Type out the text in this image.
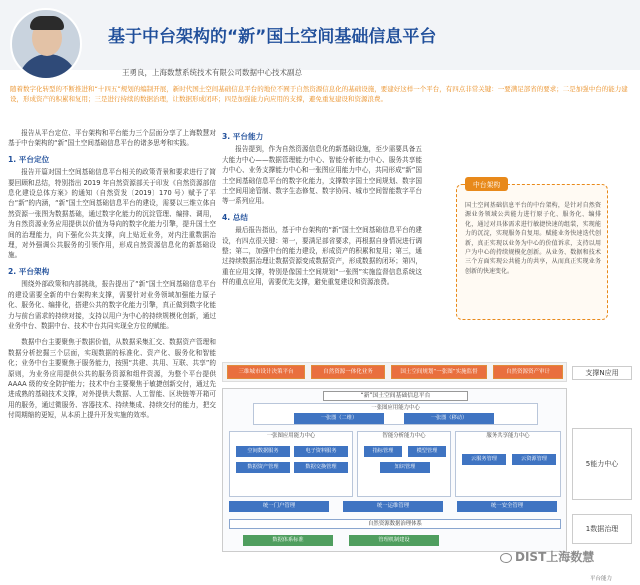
基于中台架构的“新”国土空间基础信息平台
王勇良，上海数慧系统技术有限公司数据中心技术副总
随着数字化转型的不断推进和“十四五”规划的编制开展，新时代国土空间基础信息平台的地位不囿于自然资源信息化的基础设施，要建好这样一个平台，有四点非常关键：一要满足部省的要求；二是加强中台的能力建设，形成资产的积累和复用；三是进行持续的数据治理，让数据形成闭环；四是加强能力向应用的支撑，避免重复建设和资源浪费。

报告从平台定位、平台架构和平台能力三个层面分享了上海数慧对基于中台架构的“新”国土空间基础信息平台的诸多思考和实践。

1. 平台定位

报告开篇对国土空间基础信息平台相关的政策背景和要求进行了简要回顾和总结，特别指出 2019 年自然资源部关于印发《自然资源部信息化建设总体方案》的通知（自然资发〔2019〕170 号）赋予了平台“新”的内涵，“新”国土空间基础信息平台的建设，需要以三维立体自然资源一张图为数据基础，通过数字化能力的沉淀管理、编排、调用，为自然资源业务应用提供以价值为导向的数字化能力引擎，提升国土空间的治理能力，向下强化公共支撑，向上贴近业务，对内注重数据治理，对外强调公共服务的引领作用，形成自然资源信息化的新基础设施。

2. 平台架构

围绕外部政策和内部挑战，报告提出了“新”国土空间基础信息平台的建设需要全新的中台架构来支撑，需要针对业务领域加强能力原子化、服务化、编排化，搭建公共的数字化能力引擎，真正做到数字化能力与前台需求的持续对接，支持以用户为中心的持续规模化创新，通过业务中台、数据中台、技术中台共同实现全方位的赋能。

数据中台主要聚焦于数据价值，从数据采集汇交、数据资产管理和数据分析挖掘三个层面，实现数据的标准化、资产化、服务化和智能化；业务中台主要聚焦于服务能力，按照“共建、共用、互联、共享”的原则，为业务应用提供公共的服务资源和组件资源，为整个平台提供 AAAA 级的安全防护能力；技术中台主要聚焦于敏捷创新交付，通过先进成熟的基础技术支撑，对外提供大数据、人工智能、区块链等开箱可用的服务，通过微服务、容器技术、持续集成、持续交付的能力，把交付周期缩的更短，从本质上提升开发实施的效率。

3. 平台能力

报告提到，作为自然资源信息化的新基础设施，至少需要具备五大能力中心——数据管理能力中心、智能分析能力中心、服务共享能力中心、业务支撑能力中心和一张图应用能力中心，共同形成“新”国土空间基础信息平台的数字化能力，支撑数字国土空间规划、数字国土空间用途管制、数字生态修复、数字协同、城市空间智能数字平台等一系列应用。

4. 总结

最后报告指出，基于中台架构的“新”国土空间基础信息平台的建设，有四点很关键：第一，要满足部省要求，再根据自身情况进行调整；第二，加强中台的能力建设，形成资产的积累和复用；第三，通过持续数据治理让数据资源变成数据资产，形成数据的闭环；第四，重在应用支撑，特别是像国土空间规划“一张图”实施监督信息系统这样的重点应用，需要优先支撑，避免重复建设和资源浪费。

中台架构
国土空间基础信息平台的中台架构，是针对自然资源业务领域公共能力进行原子化、服务化、编排化，通过对具体需求进行敏捷快速的组装，实现能力的沉淀，实现服务自复用。赋能业务快速迭代创新，真正实现以业务为中心的价值诉求，支持以用户为中心的持续规模化创新。从业务、数据和技术三个方面实现公共能力的共享，从而真正实现业务创新的快速变化。
三维城市设计决策平台	自然资源一体化业务	国土空间规划“一张图”实施监督	自然资源资产审计	支撑N应用
“新”国土空间基础信息平台
一张图应用能力中心
一张图（二维）	一张图（移动）
一张图应用能力中心
空间数据服务	电子资料服务
数据资产管理	数据交换管理
智能分析能力中心
指标管理	模型管理
知识管理
服务共享能力中心
云服务管理	云资源管理
统一门户管理	统一运维管理	统一安全管理
自然资源数据治理体系
数据体系标准	管理机制建设
5能力中心
1数据治理
DIST上海数慧
平台能力
